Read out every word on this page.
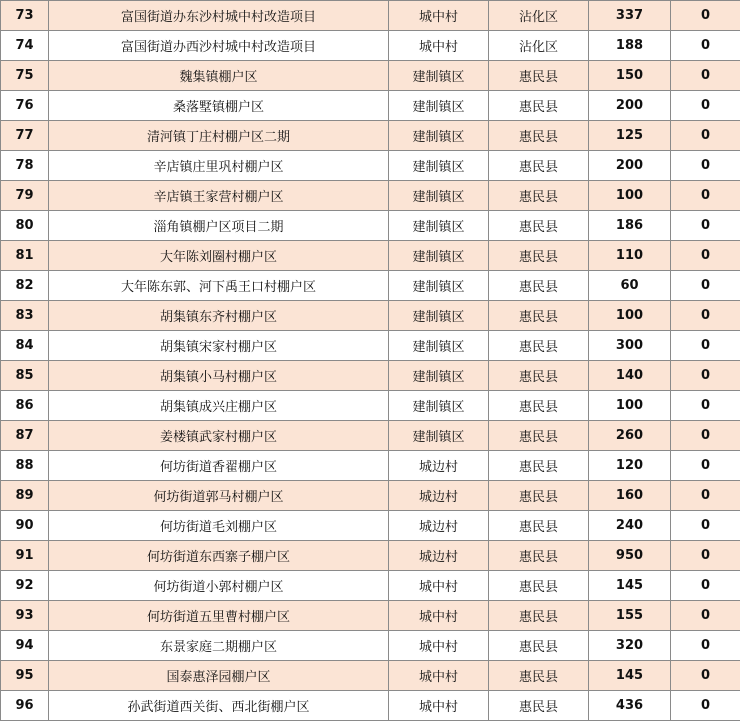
73	富国街道办东沙村城中村改造项目	城中村	沾化区	337	0
74	富国街道办西沙村城中村改造项目	城中村	沾化区	188	0
75	魏集镇棚户区	建制镇区	惠民县	150	0
76	桑落墅镇棚户区	建制镇区	惠民县	200	0
77	清河镇丁庄村棚户区二期	建制镇区	惠民县	125	0
78	辛店镇庄里巩村棚户区	建制镇区	惠民县	200	0
79	辛店镇王家营村棚户区	建制镇区	惠民县	100	0
80	淄角镇棚户区项目二期	建制镇区	惠民县	186	0
81	大年陈刘圈村棚户区	建制镇区	惠民县	110	0
82	大年陈东郭、河下禹王口村棚户区	建制镇区	惠民县	60	0
83	胡集镇东齐村棚户区	建制镇区	惠民县	100	0
84	胡集镇宋家村棚户区	建制镇区	惠民县	300	0
85	胡集镇小马村棚户区	建制镇区	惠民县	140	0
86	胡集镇成兴庄棚户区	建制镇区	惠民县	100	0
87	姜楼镇武家村棚户区	建制镇区	惠民县	260	0
88	何坊街道香翟棚户区	城边村	惠民县	120	0
89	何坊街道郭马村棚户区	城边村	惠民县	160	0
90	何坊街道毛刘棚户区	城边村	惠民县	240	0
91	何坊街道东西寨子棚户区	城边村	惠民县	950	0
92	何坊街道小郭村棚户区	城中村	惠民县	145	0
93	何坊街道五里曹村棚户区	城中村	惠民县	155	0
94	东景家庭二期棚户区	城中村	惠民县	320	0
95	国泰惠泽园棚户区	城中村	惠民县	145	0
96	孙武街道西关街、西北街棚户区	城中村	惠民县	436	0
